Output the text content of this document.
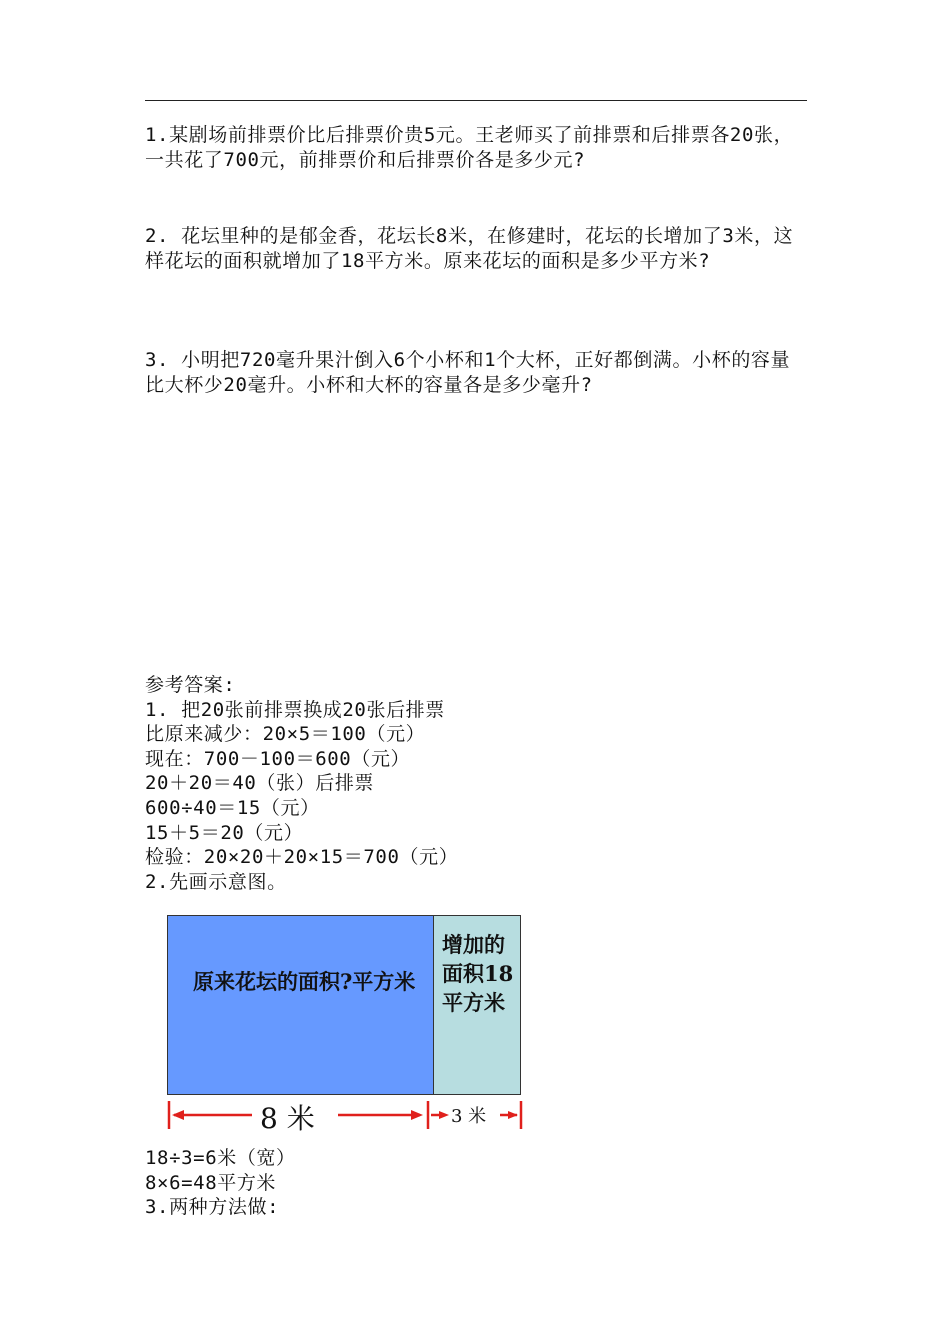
1.某剧场前排票价比后排票价贵5元。王老师买了前排票和后排票各20张，一共花了700元，前排票价和后排票价各是多少元?
2. 花坛里种的是郁金香，花坛长8米，在修建时，花坛的长增加了3米，这样花坛的面积就增加了18平方米。原来花坛的面积是多少平方米?
3. 小明把720毫升果汁倒入6个小杯和1个大杯，正好都倒满。小杯的容量比大杯少20毫升。小杯和大杯的容量各是多少毫升?
参考答案:
1. 把20张前排票换成20张后排票
比原来减少：20×5＝100（元）
现在：700－100＝600（元）
20＋20＝40（张）后排票
600÷40＝15（元）
15＋5＝20（元）
检验：20×20＋20×15＝700（元）
2.先画示意图。
原来花坛的面积?平方米
增加的面积18平方米
8 米	3 米
18÷3=6米（宽）
8×6=48平方米
3.两种方法做:
